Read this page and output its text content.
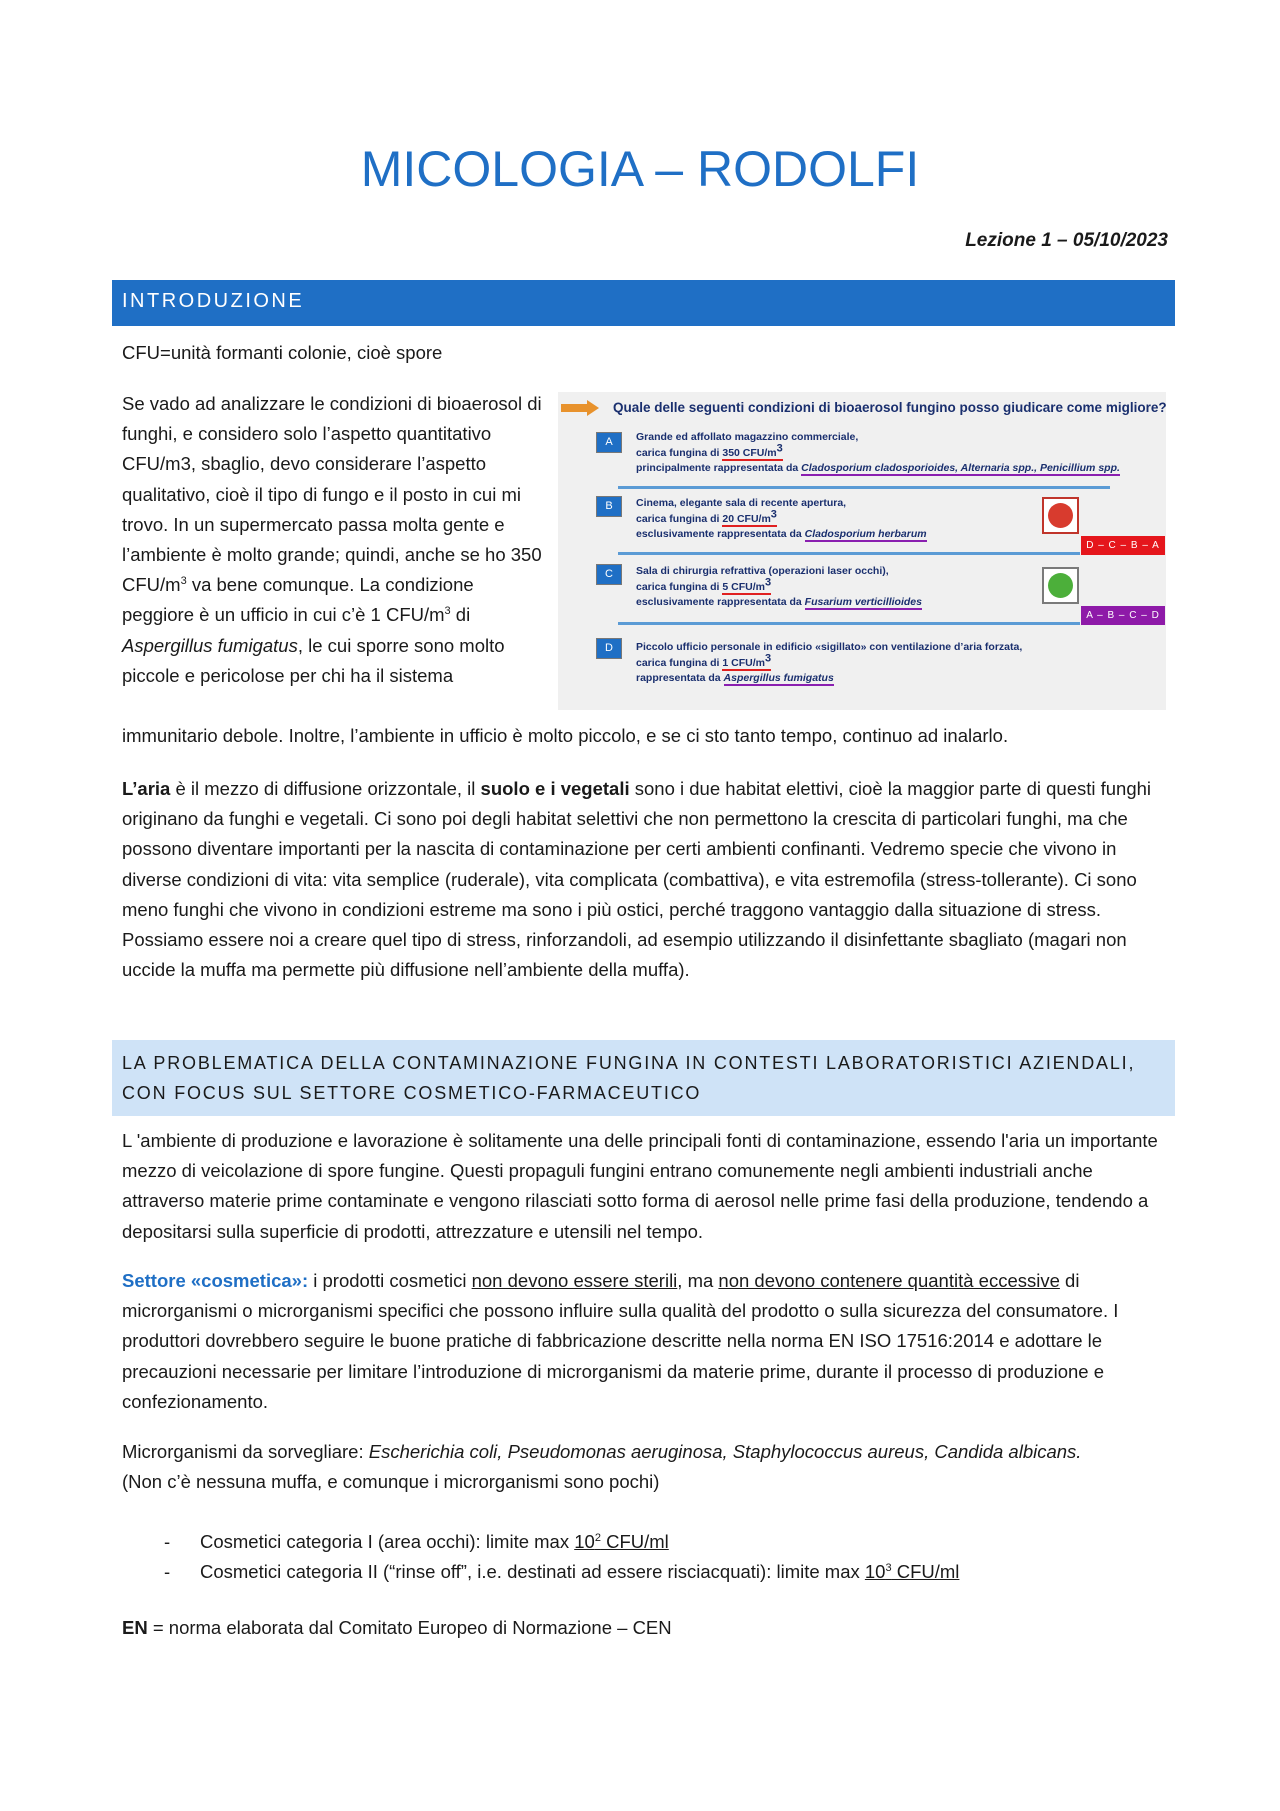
MICOLOGIA – RODOLFI
Lezione 1 – 05/10/2023
INTRODUZIONE

CFU=unità formanti colonie, cioè spore

Se vado ad analizzare le condizioni di bioaerosol di funghi, e considero solo l’aspetto quantitativo CFU/m3, sbaglio, devo considerare l’aspetto qualitativo, cioè il tipo di fungo e il posto in cui mi trovo. In un supermercato passa molta gente e l’ambiente è molto grande; quindi, anche se ho 350 CFU/$m^3$ va bene comunque. La condizione peggiore è un ufficio in cui c’è 1 CFU/$m^3$ di Aspergillus fumigatus, le cui sporre sono molto piccole e pericolose per chi ha il sistema

immunitario debole. Inoltre, l’ambiente in ufficio è molto piccolo, e se ci sto tanto tempo, continuo ad inalarlo.

Quale delle seguenti condizioni di bioaerosol fungino posso giudicare come migliore?
A	Grande ed affollato magazzino commerciale,
carica fungina di 350 CFU/m3
principalmente rappresentata da Cladosporium cladosporioides, Alternaria spp., Penicillium spp.
B	Cinema, elegante sala di recente apertura,
carica fungina di 20 CFU/m3
esclusivamente rappresentata da Cladosporium herbarum
D – C – B – A
C	Sala di chirurgia refrattiva (operazioni laser occhi),
carica fungina di 5 CFU/m3
esclusivamente rappresentata da Fusarium verticillioides
A – B – C – D
D	Piccolo ufficio personale in edificio «sigillato» con ventilazione d’aria forzata,
carica fungina di 1 CFU/m3
rappresentata da Aspergillus fumigatus

L’aria è il mezzo di diffusione orizzontale, il suolo e i vegetali sono i due habitat elettivi, cioè la maggior parte di questi funghi originano da funghi e vegetali. Ci sono poi degli habitat selettivi che non permettono la crescita di particolari funghi, ma che possono diventare importanti per la nascita di contaminazione per certi ambienti confinanti. Vedremo specie che vivono in diverse condizioni di vita: vita semplice (ruderale), vita complicata (combattiva), e vita estremofila (stress-tollerante). Ci sono meno funghi che vivono in condizioni estreme ma sono i più ostici, perché traggono vantaggio dalla situazione di stress. Possiamo essere noi a creare quel tipo di stress, rinforzandoli, ad esempio utilizzando il disinfettante sbagliato (magari non uccide la muffa ma permette più diffusione nell’ambiente della muffa).

LA PROBLEMATICA DELLA CONTAMINAZIONE FUNGINA IN CONTESTI LABORATORISTICI AZIENDALI,
CON FOCUS SUL SETTORE COSMETICO-FARMACEUTICO

L 'ambiente di produzione e lavorazione è solitamente una delle principali fonti di contaminazione, essendo l'aria un importante mezzo di veicolazione di spore fungine. Questi propaguli fungini entrano comunemente negli ambienti industriali anche attraverso materie prime contaminate e vengono rilasciati sotto forma di aerosol nelle prime fasi della produzione, tendendo a depositarsi sulla superficie di prodotti, attrezzature e utensili nel tempo.

Settore «cosmetica»: i prodotti cosmetici non devono essere sterili, ma non devono contenere quantità eccessive di microrganismi o microrganismi specifici che possono influire sulla qualità del prodotto o sulla sicurezza del consumatore. I produttori dovrebbero seguire le buone pratiche di fabbricazione descritte nella norma EN ISO 17516:2014 e adottare le precauzioni necessarie per limitare l’introduzione di microrganismi da materie prime, durante il processo di produzione e confezionamento.

Microrganismi da sorvegliare: Escherichia coli, Pseudomonas aeruginosa, Staphylococcus aureus, Candida albicans.
(Non c’è nessuna muffa, e comunque i microrganismi sono pochi)

- Cosmetici categoria I (area occhi): limite $\max 10^2$ CFU/ml
- Cosmetici categoria II (“rinse off”, i.e. destinati ad essere risciacquati): limite $\max 10^3$ CFU/ml

EN = norma elaborata dal Comitato Europeo di Normazione – CEN
